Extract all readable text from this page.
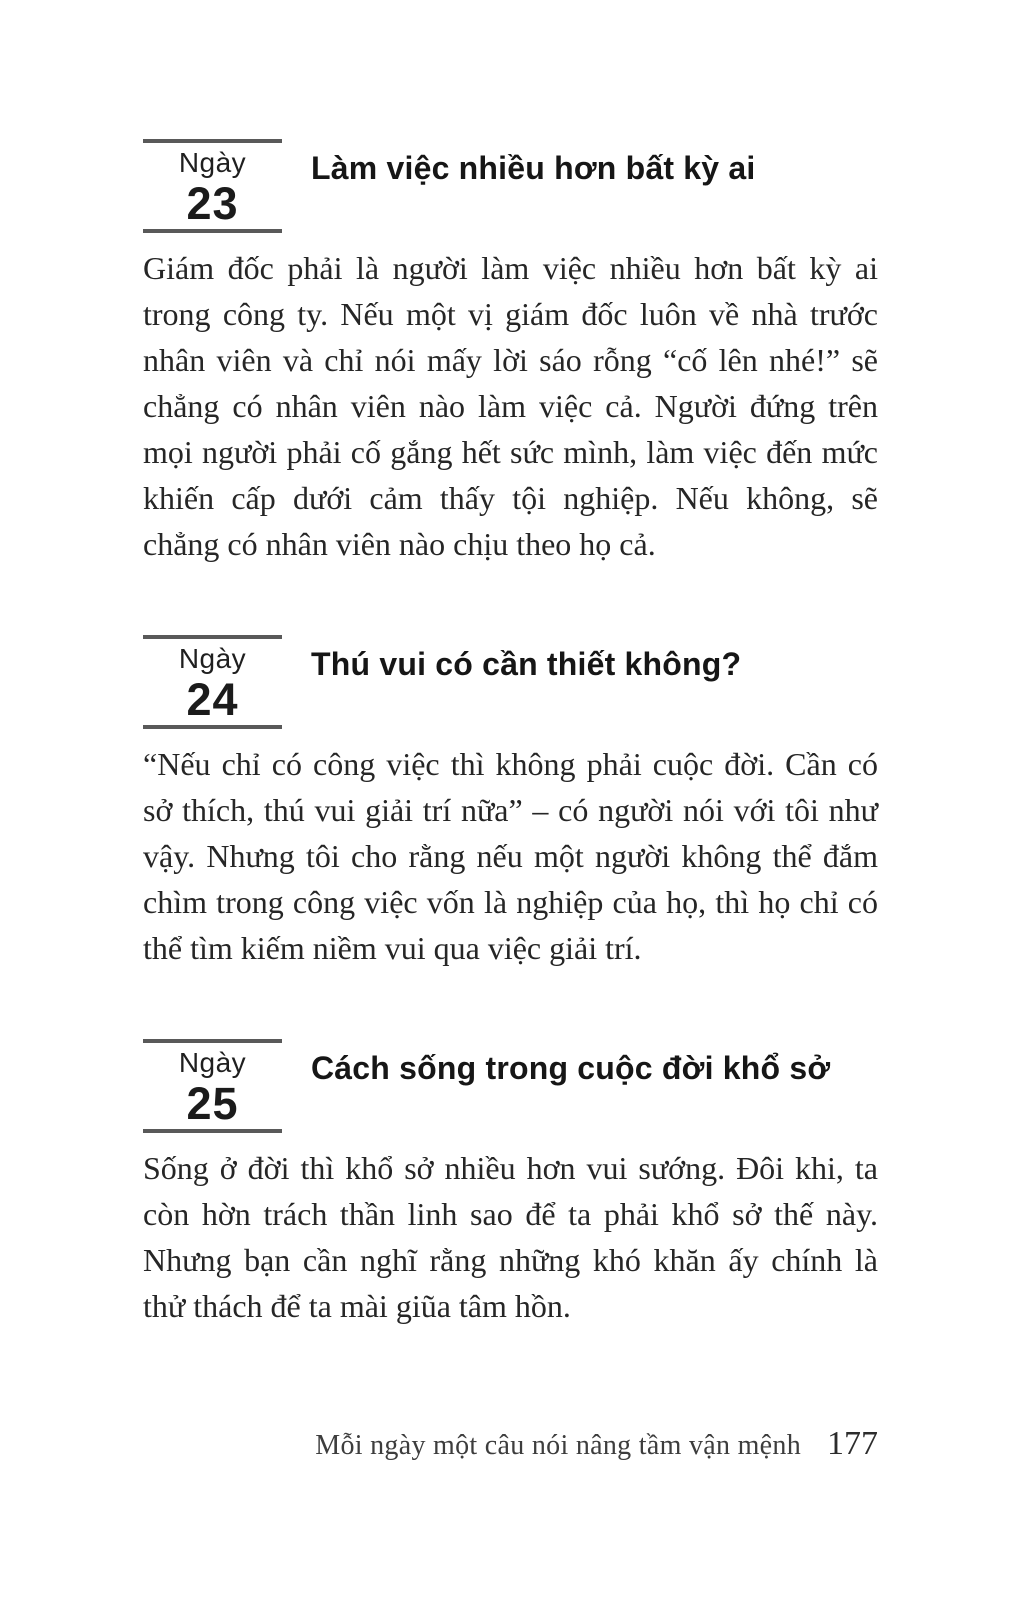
Ngày
23
Làm việc nhiều hơn bất kỳ ai

Giám đốc phải là người làm việc nhiều hơn bất kỳ ai trong công ty. Nếu một vị giám đốc luôn về nhà trước nhân viên và chỉ nói mấy lời sáo rỗng “cố lên nhé!” sẽ chẳng có nhân viên nào làm việc cả. Người đứng trên mọi người phải cố gắng hết sức mình, làm việc đến mức khiến cấp dưới cảm thấy tội nghiệp. Nếu không, sẽ chẳng có nhân viên nào chịu theo họ cả.

Ngày
24
Thú vui có cần thiết không?

“Nếu chỉ có công việc thì không phải cuộc đời. Cần có sở thích, thú vui giải trí nữa” – có người nói với tôi như vậy. Nhưng tôi cho rằng nếu một người không thể đắm chìm trong công việc vốn là nghiệp của họ, thì họ chỉ có thể tìm kiếm niềm vui qua việc giải trí.

Ngày
25
Cách sống trong cuộc đời khổ sở

Sống ở đời thì khổ sở nhiều hơn vui sướng. Đôi khi, ta còn hờn trách thần linh sao để ta phải khổ sở thế này. Nhưng bạn cần nghĩ rằng những khó khăn ấy chính là thử thách để ta mài giũa tâm hồn.

Mỗi ngày một câu nói nâng tầm vận mệnh 177
